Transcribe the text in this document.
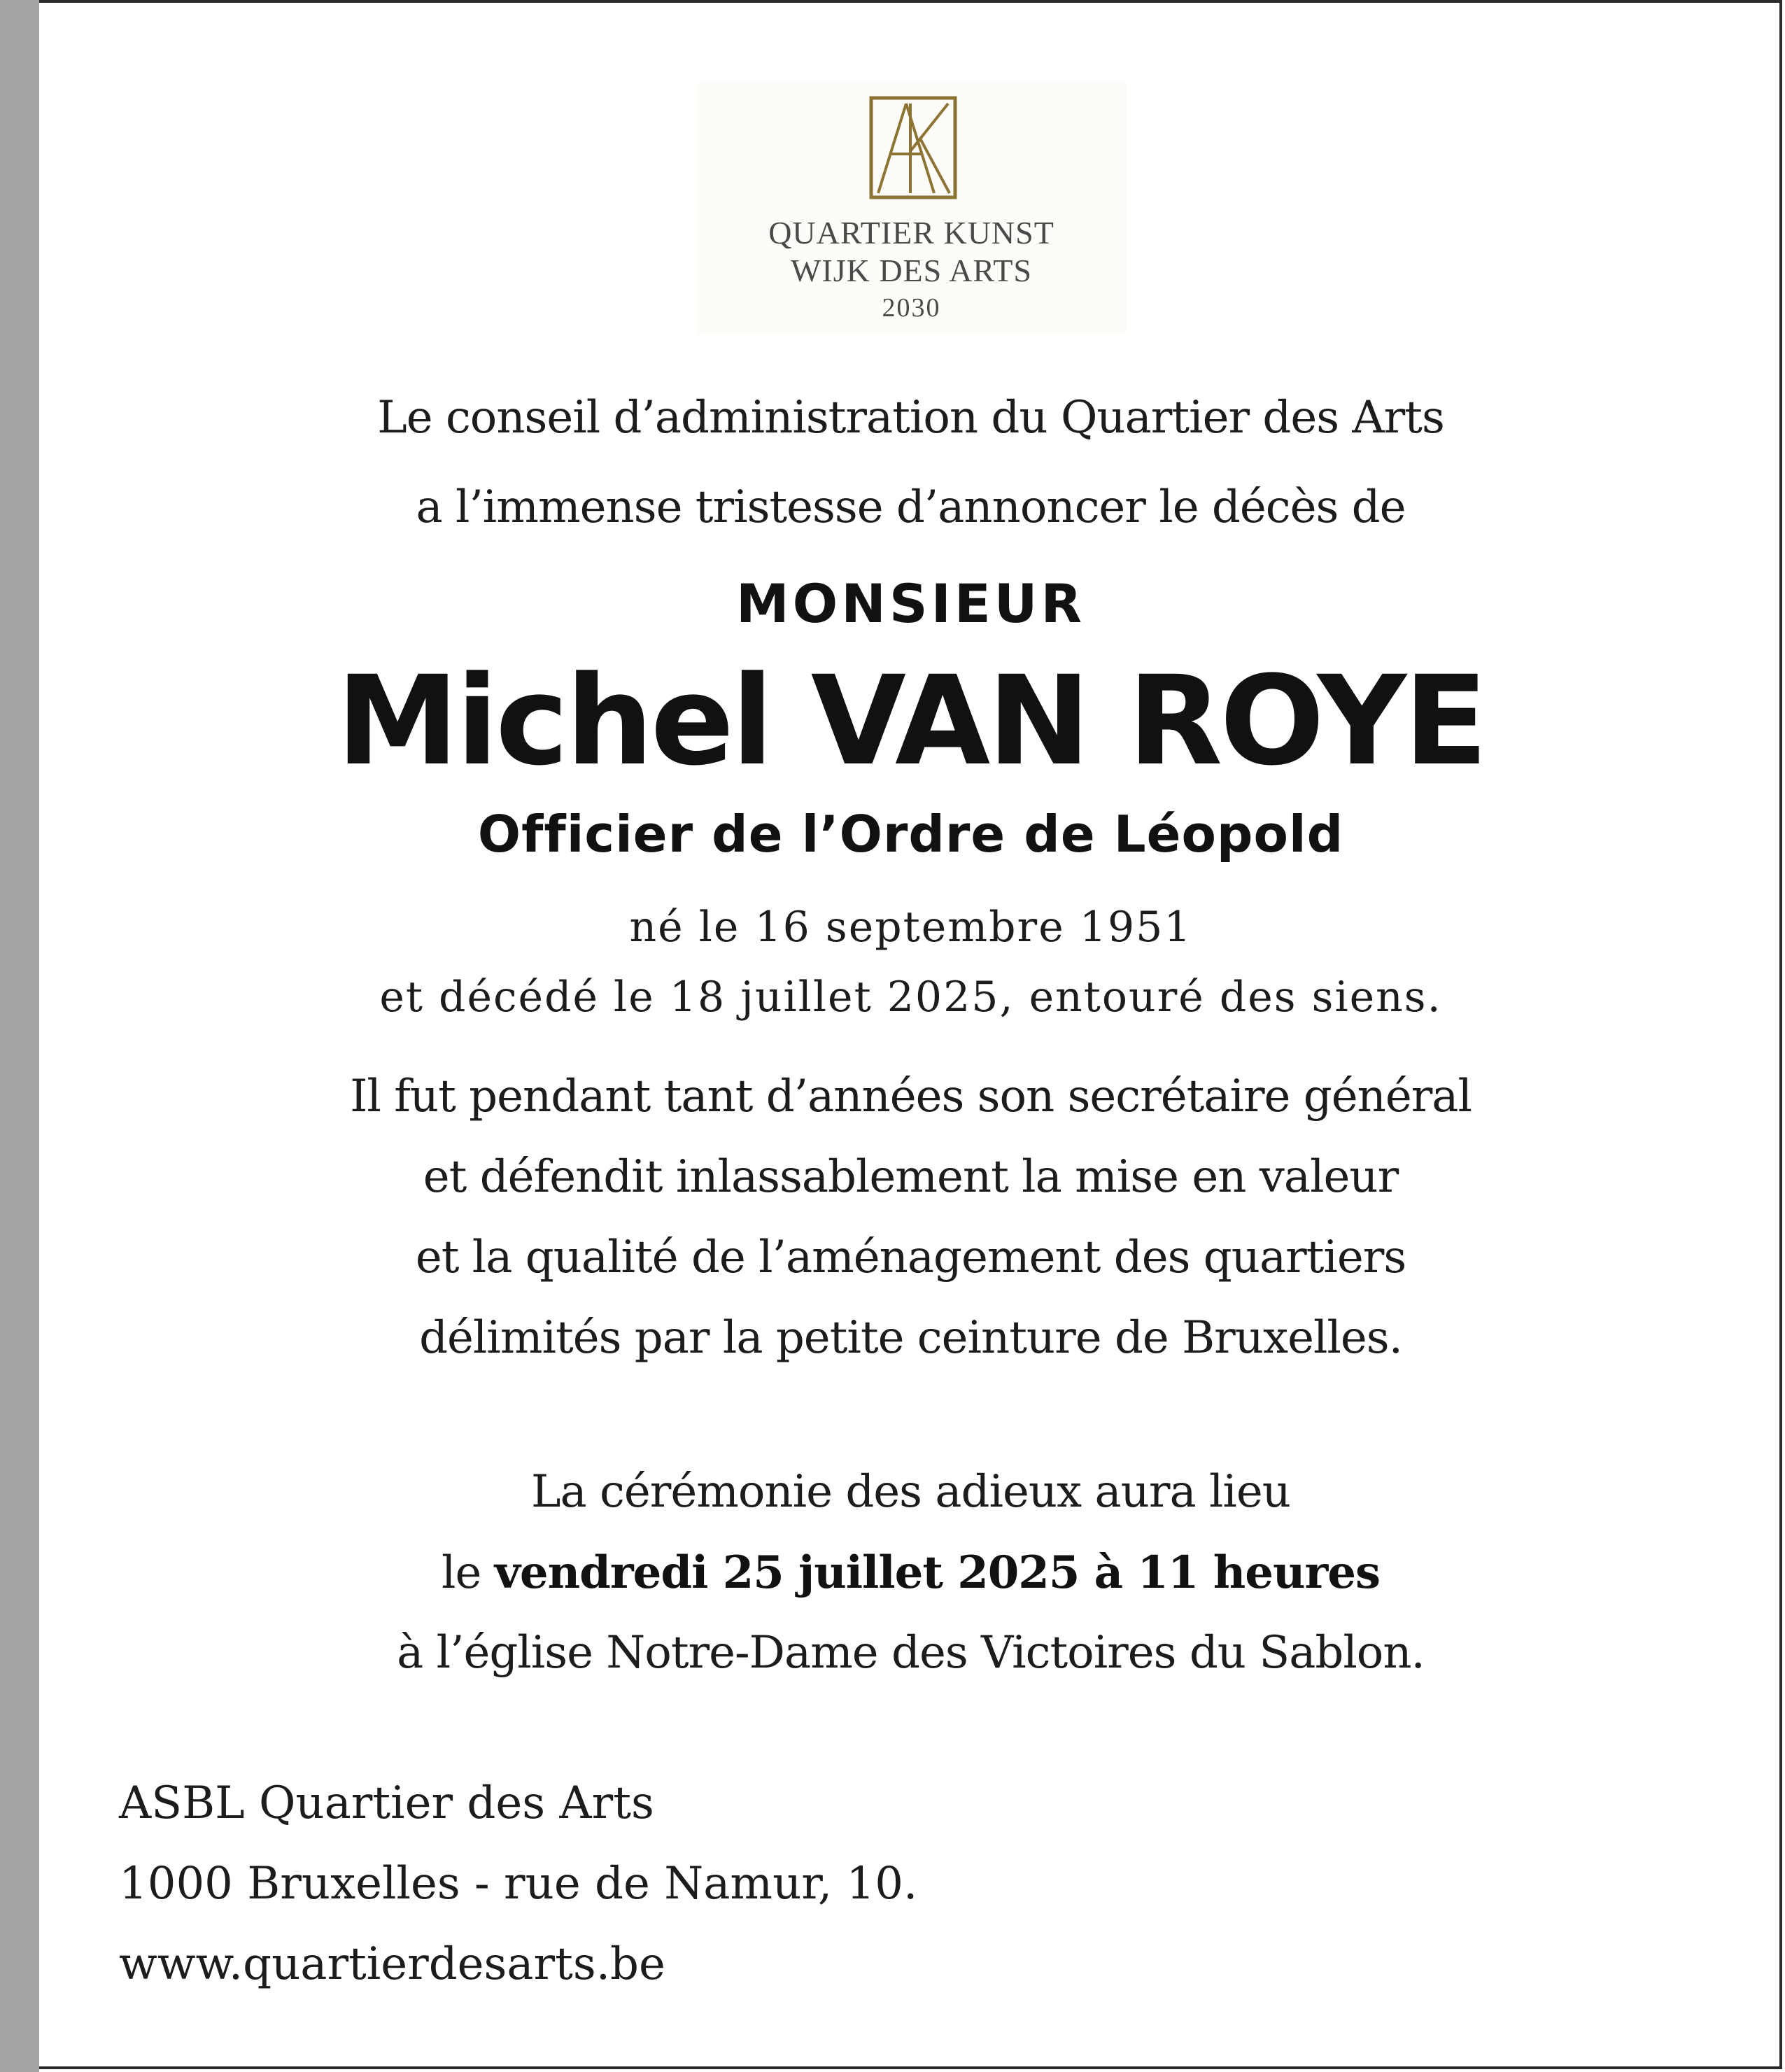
QUARTIER KUNST
WIJK DES ARTS
2030
Le conseil d’administration du Quartier des Arts
a l’immense tristesse d’annoncer le décès de
MONSIEUR
Michel VAN ROYE
Officier de l’Ordre de Léopold
né le 16 septembre 1951
et décédé le 18 juillet 2025, entouré des siens.
Il fut pendant tant d’années son secrétaire général
et défendit inlassablement la mise en valeur
et la qualité de l’aménagement des quartiers
délimités par la petite ceinture de Bruxelles.
La cérémonie des adieux aura lieu
le vendredi 25 juillet 2025 à 11 heures
à l’église Notre-Dame des Victoires du Sablon.
ASBL Quartier des Arts
1000 Bruxelles - rue de Namur, 10.
www.quartierdesarts.be
